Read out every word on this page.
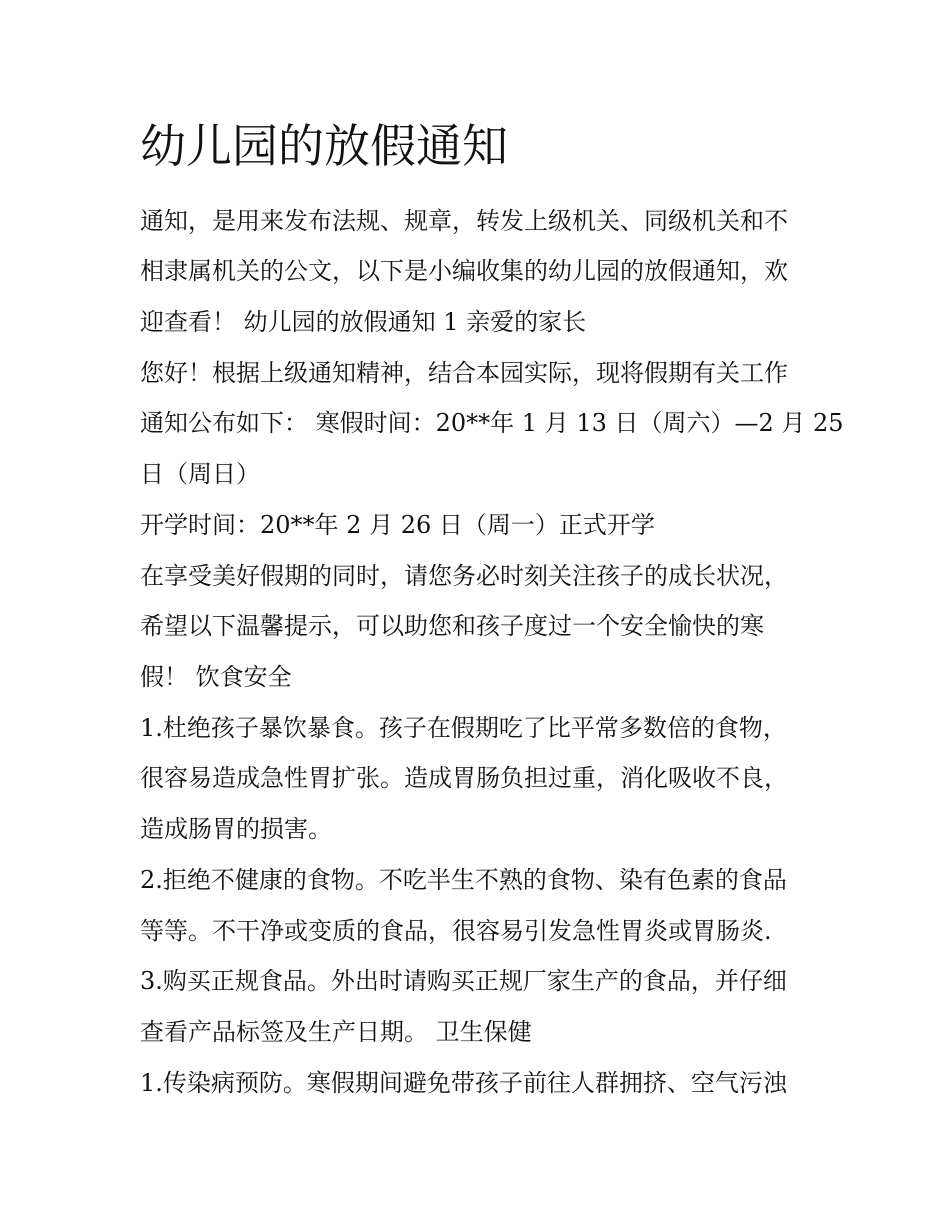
幼儿园的放假通知

通知，是用来发布法规、规章，转发上级机关、同级机关和不

相隶属机关的公文，以下是小编收集的幼儿园的放假通知，欢

迎查看！ 幼儿园的放假通知 1 亲爱的家长

您好！根据上级通知精神，结合本园实际，现将假期有关工作

通知公布如下： 寒假时间：20**年 1 月 13 日（周六）—2 月 25

日（周日）

开学时间：20**年 2 月 26 日（周一）正式开学

在享受美好假期的同时，请您务必时刻关注孩子的成长状况，

希望以下温馨提示，可以助您和孩子度过一个安全愉快的寒

假！ 饮食安全

1.杜绝孩子暴饮暴食。孩子在假期吃了比平常多数倍的食物，

很容易造成急性胃扩张。造成胃肠负担过重，消化吸收不良，

造成肠胃的损害。

2.拒绝不健康的食物。不吃半生不熟的食物、染有色素的食品

等等。不干净或变质的食品，很容易引发急性胃炎或胃肠炎.

3.购买正规食品。外出时请购买正规厂家生产的食品，并仔细

查看产品标签及生产日期。 卫生保健

1.传染病预防。寒假期间避免带孩子前往人群拥挤、空气污浊
